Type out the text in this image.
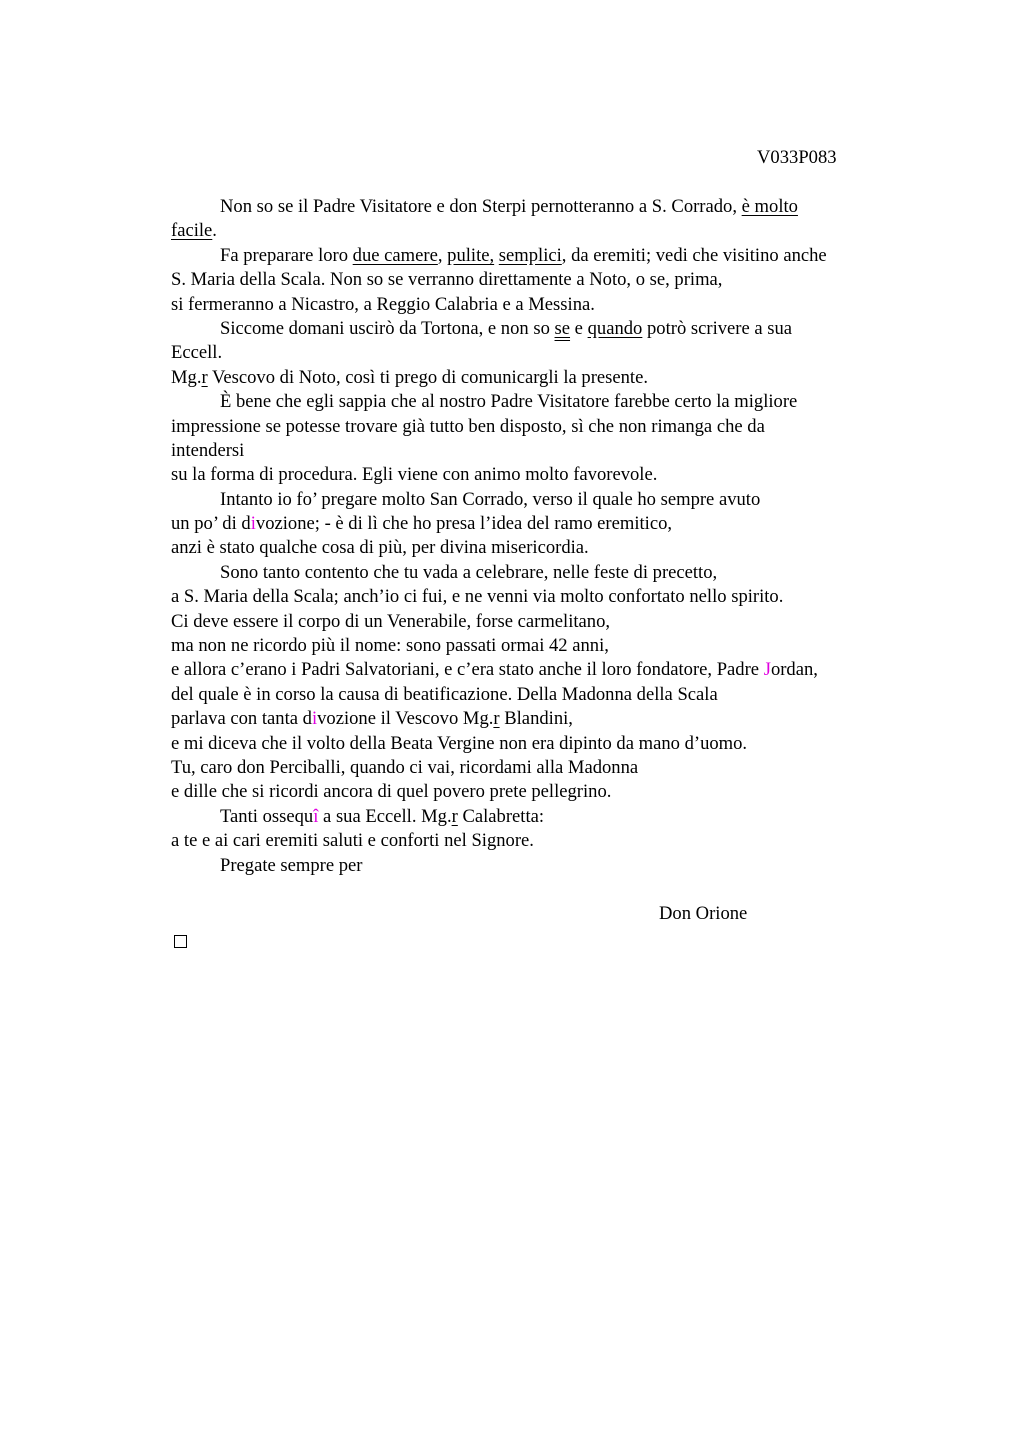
V033P083
Non so se il Padre Visitatore e don Sterpi pernotteranno a S. Corrado, è molto
facile.
Fa preparare loro due camere, pulite, semplici, da eremiti; vedi che visitino anche
S. Maria della Scala. Non so se verranno direttamente a Noto, o se, prima,
si fermeranno a Nicastro, a Reggio Calabria e a Messina.
Siccome domani uscirò da Tortona, e non so se e quando potrò scrivere a sua
Eccell.
Mg.r Vescovo di Noto, così ti prego di comunicargli la presente.
È bene che egli sappia che al nostro Padre Visitatore farebbe certo la migliore
impressione se potesse trovare già tutto ben disposto, sì che non rimanga che da
intendersi
su la forma di procedura. Egli viene con animo molto favorevole.
Intanto io fo’ pregare molto San Corrado, verso il quale ho sempre avuto
un po’ di divozione; - è di lì che ho presa l’idea del ramo eremitico,
anzi è stato qualche cosa di più, per divina misericordia.
Sono tanto contento che tu vada a celebrare, nelle feste di precetto,
a S. Maria della Scala; anch’io ci fui, e ne venni via molto confortato nello spirito.
Ci deve essere il corpo di un Venerabile, forse carmelitano,
ma non ne ricordo più il nome: sono passati ormai 42 anni,
e allora c’erano i Padri Salvatoriani, e c’era stato anche il loro fondatore, Padre Jordan,
del quale è in corso la causa di beatificazione. Della Madonna della Scala
parlava con tanta divozione il Vescovo Mg.r Blandini,
e mi diceva che il volto della Beata Vergine non era dipinto da mano d’uomo.
Tu, caro don Perciballi, quando ci vai, ricordami alla Madonna
e dille che si ricordi ancora di quel povero prete pellegrino.
Tanti ossequî a sua Eccell. Mg.r Calabretta:
a te e ai cari eremiti saluti e conforti nel Signore.
Pregate sempre per
Don Orione
